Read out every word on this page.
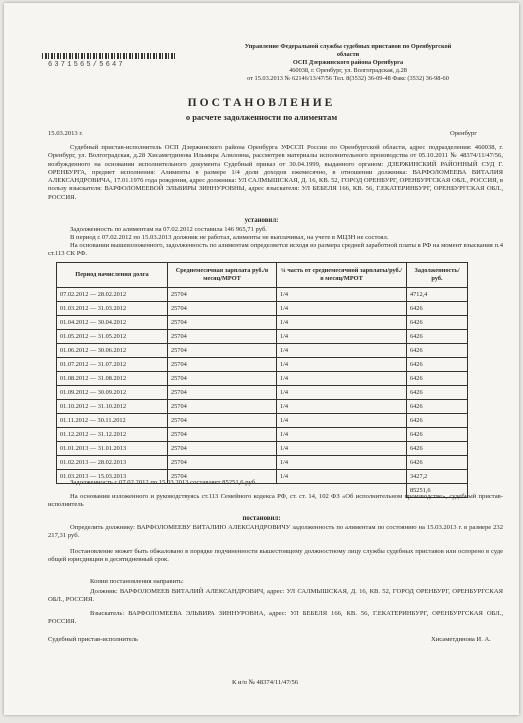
Управление Федеральной службы судебных приставов по Оренбургской
области
ОСП Дзержинского района Оренбурга
460038, г. Оренбург, ул. Волгоградская, д.28
от 15.03.2013 № 62146/13/47/56 Тел. 8(3532) 36-09-48 Факс (3532) 36-98-60
6371565/5647
ПОСТАНОВЛЕНИЕ
о расчете задолженности по алиментам
15.03.2013 г.	Оренбург
Судебный пристав-исполнитель ОСП Дзержинского района Оренбурга УФССП России по Оренбургской области, адрес подразделения: 460038, г. Оренбург, ул. Волгоградская, д.28 Хисаметдинова Ильмира Алиловна, рассмотрев материалы исполнительного производства от 05.10.2011 № 48374/11/47/56, возбужденного на основании исполнительного документа Судебный приказ от 30.04.1999, выданного органом: ДЗЕРЖИНСКИЙ РАЙОННЫЙ СУД Г. ОРЕНБУРГА, предмет исполнения: Алименты в размере 1/4 доли доходов ежемесячно, в отношении должника: ВАРФОЛОМЕЕВА ВИТАЛИЯ АЛЕКСАНДРОВИЧА, 17.01.1976 года рождения, адрес должника: УЛ САЛМЫШСКАЯ, Д. 16, КВ. 52, ГОРОД ОРЕНБУРГ, ОРЕНБУРГСКАЯ ОБЛ., РОССИЯ, в пользу взыскателя: ВАРФОЛОМЕЕВОЙ ЭЛЬВИРЫ ЗИННУРОВНЫ, адрес взыскателя: УЛ БЕБЕЛЯ 166, КВ. 56, Г.ЕКАТЕРИНБУРГ, ОРЕНБУРГСКАЯ ОБЛ., РОССИЯ.
установил:
Задолженность по алиментам на 07.02.2012 составила 146 965,71 руб.
В период с 07.02.2012 по 15.03.2013 должник не работал, алименты не выплачивал, на учете в МЦЗН не состоял.
На основании вышеизложенного, задолженность по алиментам определяется исходя из размера средней заработной платы в РФ на момент взыскания п.4 ст.113 СК РФ.
Период начисления долга	Среднемесячная зарплата руб./в месяц/МРОТ	¼ часть от среднемесячной зарплаты/руб./в месяц/МРОТ	Задолженность/ руб.
07.02.2012 — 28.02.2012	25704	1/4	4712,4
01.03.2012 — 31.03.2012	25704	1/4	6426
01.04.2012 — 30.04.2012	25704	1/4	6426
01.05.2012 — 31.05.2012	25704	1/4	6426
01.06.2012 — 30.06.2012	25704	1/4	6426
01.07.2012 — 31.07.2012	25704	1/4	6426
01.08.2012 — 31.08.2012	25704	1/4	6426
01.09.2012 — 30.09.2012	25704	1/4	6426
01.10.2012 — 31.10.2012	25704	1/4	6426
01.11.2012 — 30.11.2012	25704	1/4	6426
01.12.2012 — 31.12.2012	25704	1/4	6426
01.01.2013 — 31.01.2013	25704	1/4	6426
01.02.2013 — 28.02.2013	25704	1/4	6426
01.03.2013 — 15.03.2013	25704	1/4	3427,2
			85251,6
Задолженность с 07.02.2012 по 15.03.2013 составляет 85251,6 руб.
На основании изложенного и руководствуясь ст.113 Семейного кодекса РФ, ст. ст. 14, 102 ФЗ «Об исполнительном производстве», судебный пристав-исполнитель
постановил:
Определить должнику: ВАРФОЛОМЕЕВУ ВИТАЛИЮ АЛЕКСАНДРОВИЧУ задолженность по алиментам по состоянию на 15.03.2013 г. в размере 232 217,31 руб.
Постановление может быть обжаловано в порядке подчиненности вышестоящему должностному лицу службы судебных приставов или оспорено в суде общей юрисдикции в десятидневный срок.
Копии постановления направить:
Должник: ВАРФОЛОМЕЕВ ВИТАЛИЙ АЛЕКСАНДРОВИЧ, адрес: УЛ САЛМЫШСКАЯ, Д. 16, КВ. 52, ГОРОД ОРЕНБУРГ, ОРЕНБУРГСКАЯ ОБЛ., РОССИЯ.
Взыскатель: ВАРФОЛОМЕЕВА ЭЛЬВИРА ЗИННУРОВНА, адрес: УЛ БЕБЕЛЯ 166, КВ. 56, Г.ЕКАТЕРИНБУРГ, ОРЕНБУРГСКАЯ ОБЛ., РОССИЯ.
Судебный пристав-исполнитель	Хисаметдинова И. А.
К и/п № 48374/11/47/56
